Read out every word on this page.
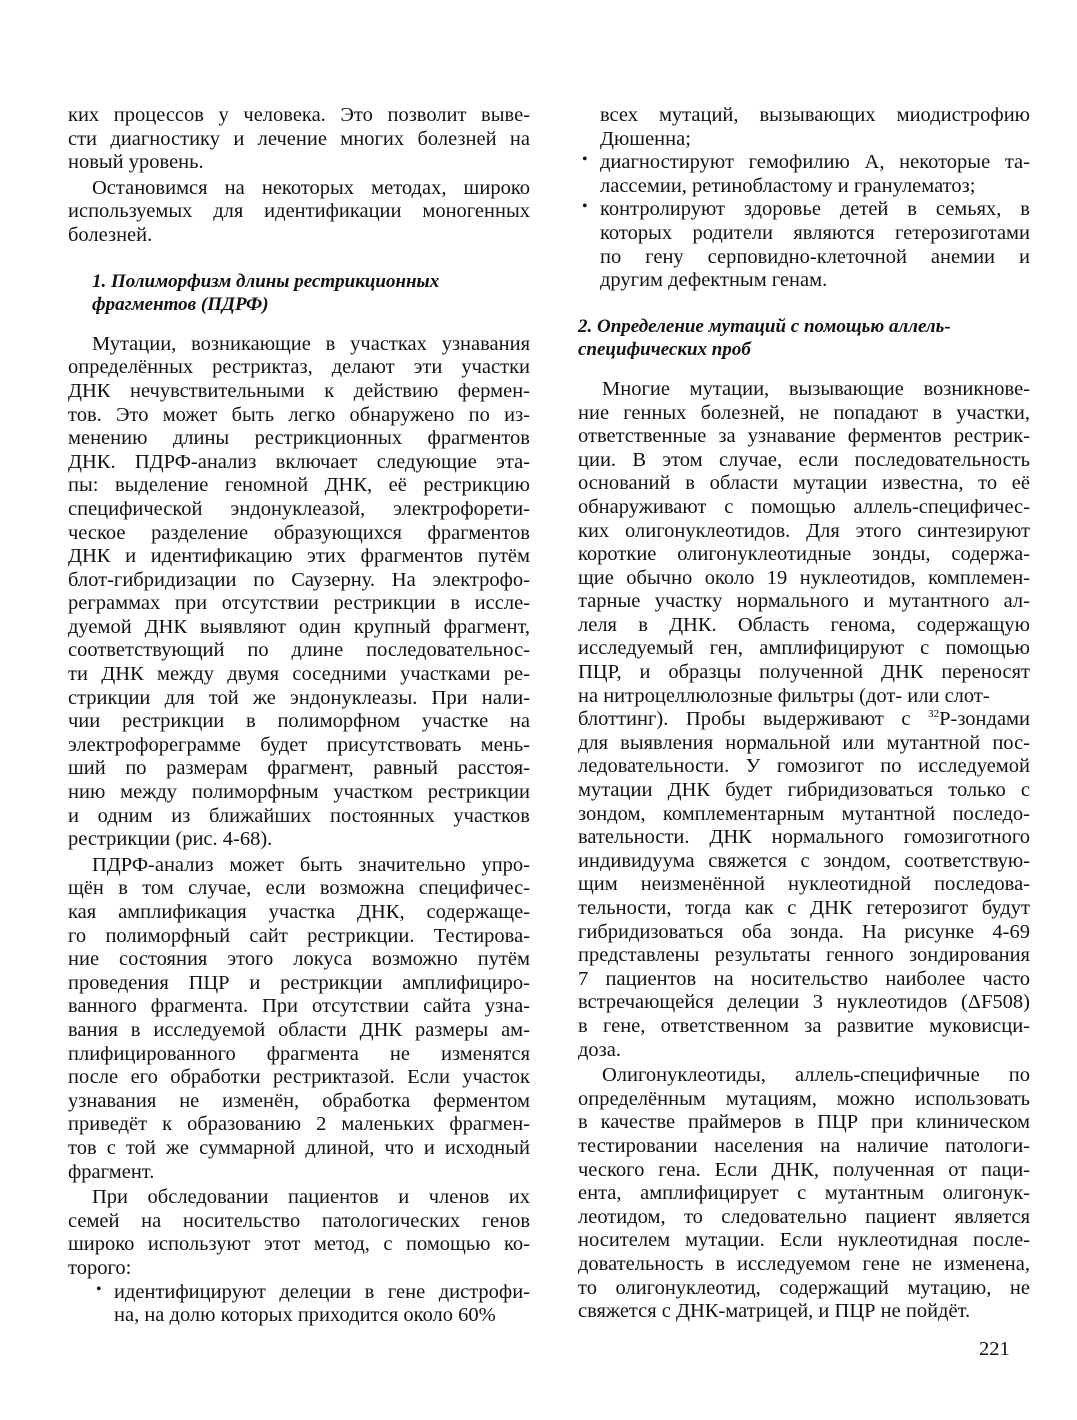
ких процессов у человека. Это позволит выве-
сти диагностику и лечение многих болезней на
новый уровень.
Остановимся на некоторых методах, широко
используемых для идентификации моногенных
болезней.
1. Полиморфизм длины рестрикционных
фрагментов (ПДРФ)
Мутации, возникающие в участках узнавания
определённых рестриктаз, делают эти участки
ДНК нечувствительными к действию фермен-
тов. Это может быть легко обнаружено по из-
менению длины рестрикционных фрагментов
ДНК. ПДРФ-анализ включает следующие эта-
пы: выделение геномной ДНК, её рестрикцию
специфической эндонуклеазой, электрофорети-
ческое разделение образующихся фрагментов
ДНК и идентификацию этих фрагментов путём
блот-гибридизации по Саузерну. На электрофо-
реграммах при отсутствии рестрикции в иссле-
дуемой ДНК выявляют один крупный фрагмент,
соответствующий по длине последовательнос-
ти ДНК между двумя соседними участками ре-
стрикции для той же эндонуклеазы. При нали-
чии рестрикции в полиморфном участке на
электрофореграмме будет присутствовать мень-
ший по размерам фрагмент, равный расстоя-
нию между полиморфным участком рестрикции
и одним из ближайших постоянных участков
рестрикции (рис. 4-68).
ПДРФ-анализ может быть значительно упро-
щён в том случае, если возможна специфичес-
кая амплификация участка ДНК, содержаще-
го полиморфный сайт рестрикции. Тестирова-
ние состояния этого локуса возможно путём
проведения ПЦР и рестрикции амплифициро-
ванного фрагмента. При отсутствии сайта узна-
вания в исследуемой области ДНК размеры ам-
плифицированного фрагмента не изменятся
после его обработки рестриктазой. Если участок
узнавания не изменён, обработка ферментом
приведёт к образованию 2 маленьких фрагмен-
тов с той же суммарной длиной, что и исходный
фрагмент.
При обследовании пациентов и членов их
семей на носительство патологических генов
широко используют этот метод, с помощью ко-
торого:
• идентифицируют делеции в гене дистрофи-
на, на долю которых приходится около 60%
всех мутаций, вызывающих миодистрофию
Дюшенна;
• диагностируют гемофилию А, некоторые та-
лассемии, ретинобластому и гранулематоз;
• контролируют здоровье детей в семьях, в
которых родители являются гетерозиготами
по гену серповидно-клеточной анемии и
другим дефектным генам.
2. Определение мутаций с помощью аллель-
специфических проб
Многие мутации, вызывающие возникнове-
ние генных болезней, не попадают в участки,
ответственные за узнавание ферментов рестрик-
ции. В этом случае, если последовательность
оснований в области мутации известна, то её
обнаруживают с помощью аллель-специфичес-
ких олигонуклеотидов. Для этого синтезируют
короткие олигонуклеотидные зонды, содержа-
щие обычно около 19 нуклеотидов, комплемен-
тарные участку нормального и мутантного ал-
леля в ДНК. Область генома, содержащую
исследуемый ген, амплифицируют с помощью
ПЦР, и образцы полученной ДНК переносят
на нитроцеллюлозные фильтры (дот- или слот-
блоттинг). Пробы выдерживают с $^{32}$Р-зондами
для выявления нормальной или мутантной пос-
ледовательности. У гомозигот по исследуемой
мутации ДНК будет гибридизоваться только с
зондом, комплементарным мутантной последо-
вательности. ДНК нормального гомозиготного
индивидуума свяжется с зондом, соответствую-
щим неизменённой нуклеотидной последова-
тельности, тогда как с ДНК гетерозигот будут
гибридизоваться оба зонда. На рисунке 4-69
представлены результаты генного зондирования
7 пациентов на носительство наиболее часто
встречающейся делеции 3 нуклеотидов (ΔF508)
в гене, ответственном за развитие муковисци-
доза.
Олигонуклеотиды, аллель-специфичные по
определённым мутациям, можно использовать
в качестве праймеров в ПЦР при клиническом
тестировании населения на наличие патологи-
ческого гена. Если ДНК, полученная от паци-
ента, амплифицирует с мутантным олигонук-
леотидом, то следовательно пациент является
носителем мутации. Если нуклеотидная после-
довательность в исследуемом гене не изменена,
то олигонуклеотид, содержащий мутацию, не
свяжется с ДНК-матрицей, и ПЦР не пойдёт.
221
